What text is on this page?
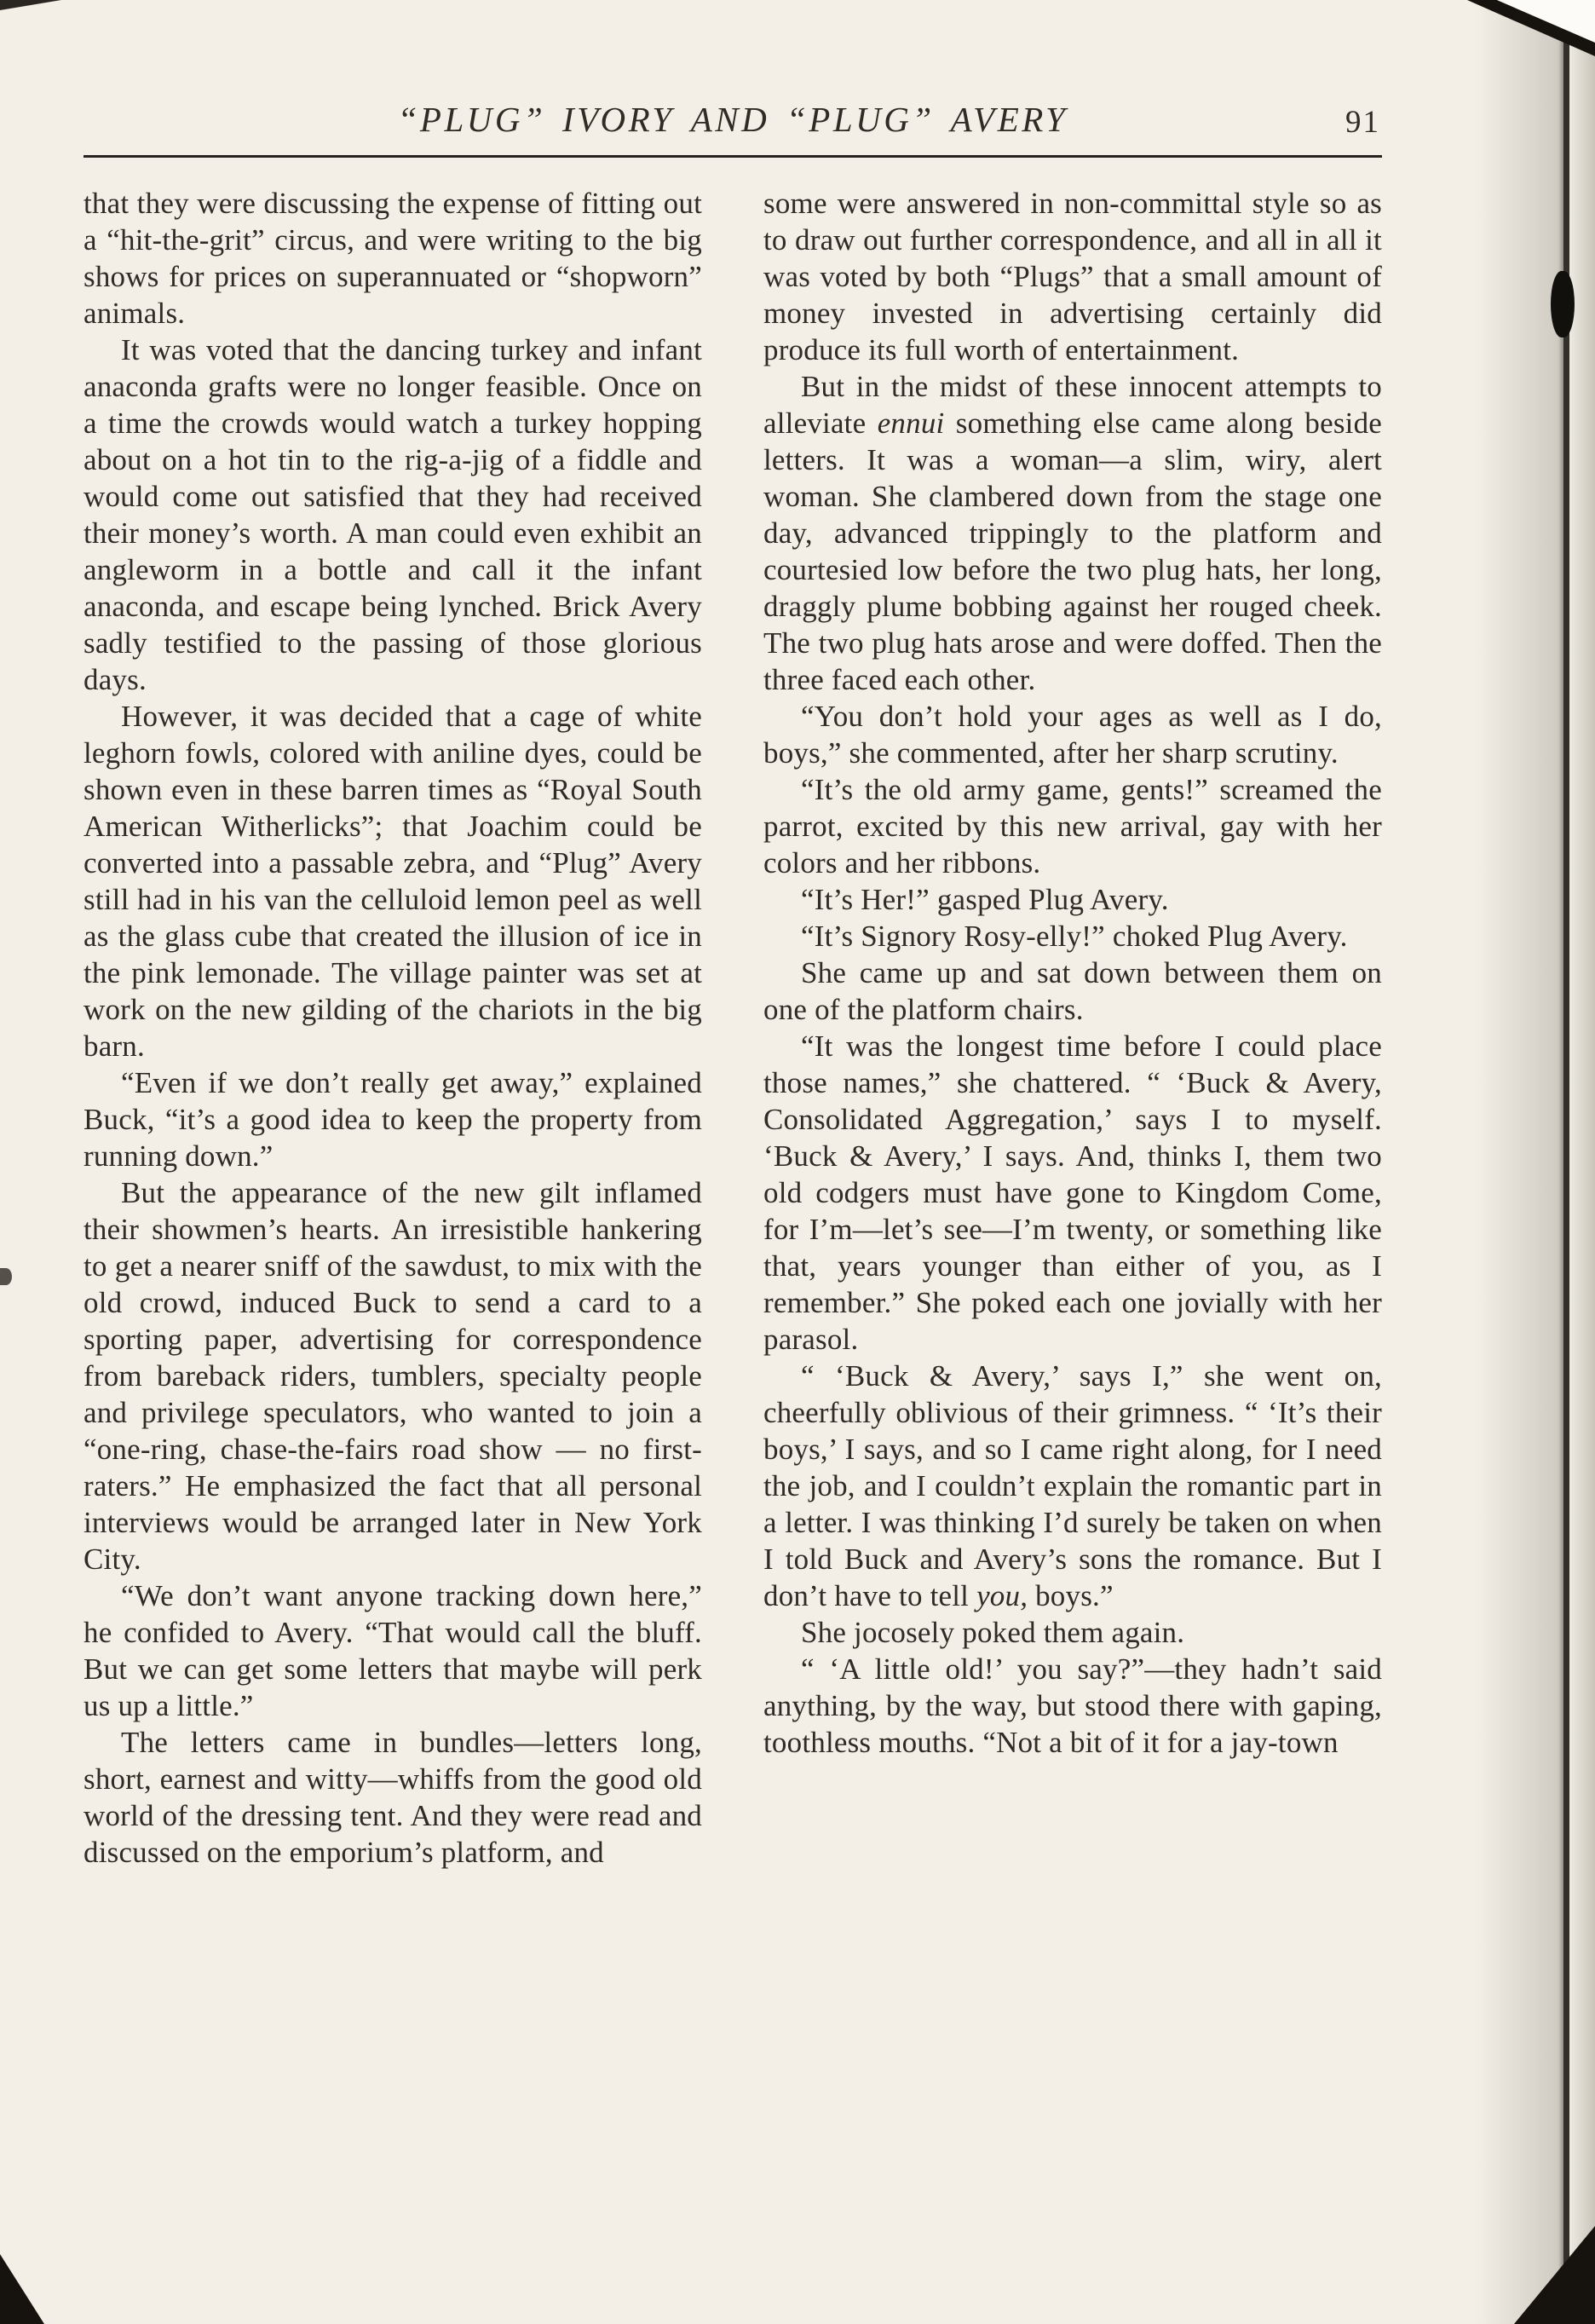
“PLUG” IVORY AND “PLUG” AVERY	91

that they were discussing the expense of fitting out a “hit-the-grit” circus, and were writing to the big shows for prices on superannuated or “shopworn” animals.

It was voted that the dancing turkey and infant anaconda grafts were no longer feasible. Once on a time the crowds would watch a turkey hopping about on a hot tin to the rig-a-jig of a fiddle and would come out satisfied that they had received their money’s worth. A man could even exhibit an angleworm in a bottle and call it the infant anaconda, and escape being lynched. Brick Avery sadly testified to the passing of those glorious days.

However, it was decided that a cage of white leghorn fowls, colored with aniline dyes, could be shown even in these barren times as “Royal South American Witherlicks”; that Joachim could be converted into a passable zebra, and “Plug” Avery still had in his van the celluloid lemon peel as well as the glass cube that created the illusion of ice in the pink lemonade. The village painter was set at work on the new gilding of the chariots in the big barn.

“Even if we don’t really get away,” explained Buck, “it’s a good idea to keep the property from running down.”

But the appearance of the new gilt inflamed their showmen’s hearts. An irresistible hankering to get a nearer sniff of the sawdust, to mix with the old crowd, induced Buck to send a card to a sporting paper, advertising for correspondence from bareback riders, tumblers, specialty people and privilege speculators, who wanted to join a “one-ring, chase-the-fairs road show — no first-raters.” He emphasized the fact that all personal interviews would be arranged later in New York City.

“We don’t want anyone tracking down here,” he confided to Avery. “That would call the bluff. But we can get some letters that maybe will perk us up a little.”

The letters came in bundles—letters long, short, earnest and witty—whiffs from the good old world of the dressing tent. And they were read and discussed on the emporium’s platform, and

some were answered in non-committal style so as to draw out further correspondence, and all in all it was voted by both “Plugs” that a small amount of money invested in advertising certainly did produce its full worth of entertainment.

But in the midst of these innocent attempts to alleviate ennui something else came along beside letters. It was a woman—a slim, wiry, alert woman. She clambered down from the stage one day, advanced trippingly to the platform and courtesied low before the two plug hats, her long, draggly plume bobbing against her rouged cheek. The two plug hats arose and were doffed. Then the three faced each other.

“You don’t hold your ages as well as I do, boys,” she commented, after her sharp scrutiny.

“It’s the old army game, gents!” screamed the parrot, excited by this new arrival, gay with her colors and her ribbons.

“It’s Her!” gasped Plug Avery.

“It’s Signory Rosy-elly!” choked Plug Avery.

She came up and sat down between them on one of the platform chairs.

“It was the longest time before I could place those names,” she chattered. “ ‘Buck & Avery, Consolidated Aggregation,’ says I to myself. ‘Buck & Avery,’ I says. And, thinks I, them two old codgers must have gone to Kingdom Come, for I’m—let’s see—I’m twenty, or something like that, years younger than either of you, as I remember.” She poked each one jovially with her parasol.

“ ‘Buck & Avery,’ says I,” she went on, cheerfully oblivious of their grimness. “ ‘It’s their boys,’ I says, and so I came right along, for I need the job, and I couldn’t explain the romantic part in a letter. I was thinking I’d surely be taken on when I told Buck and Avery’s sons the romance. But I don’t have to tell you, boys.”

She jocosely poked them again.

“ ‘A little old!’ you say?”—they hadn’t said anything, by the way, but stood there with gaping, toothless mouths. “Not a bit of it for a jay-town
